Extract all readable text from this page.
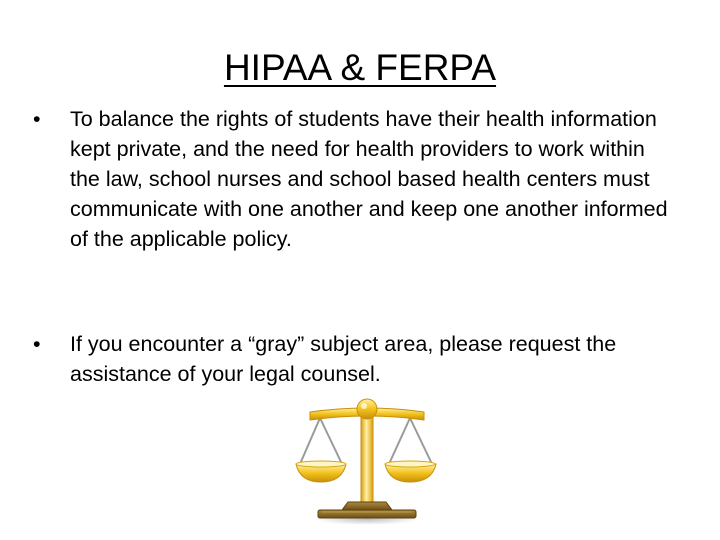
HIPAA & FERPA
• To balance the rights of students have their health information kept private, and the need for health providers to work within the law, school nurses and school based health centers must communicate with one another and keep one another informed of the applicable policy.
• If you encounter a “gray” subject area, please request the assistance of your legal counsel.
